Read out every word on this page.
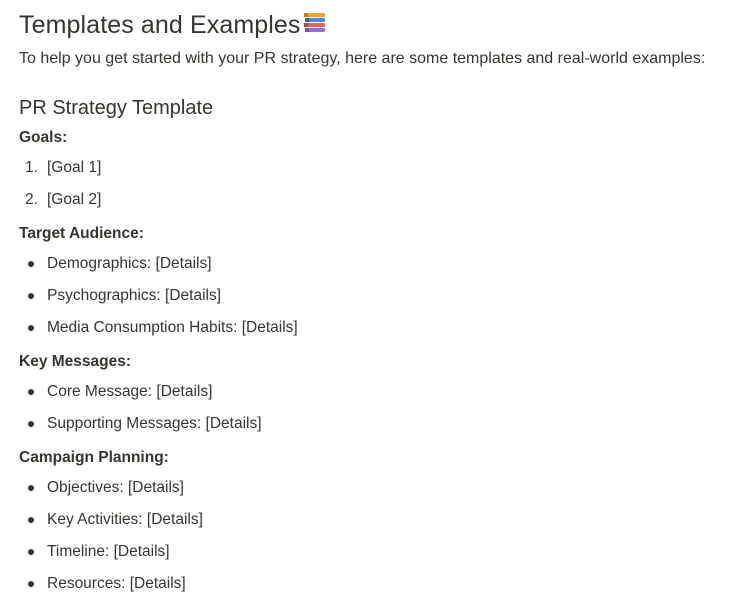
Templates and Examples
To help you get started with your PR strategy, here are some templates and real-world examples:
PR Strategy Template
Goals:
1. [Goal 1]
2. [Goal 2]
Target Audience:
Demographics: [Details]
Psychographics: [Details]
Media Consumption Habits: [Details]
Key Messages:
Core Message: [Details]
Supporting Messages: [Details]
Campaign Planning:
Objectives: [Details]
Key Activities: [Details]
Timeline: [Details]
Resources: [Details]
